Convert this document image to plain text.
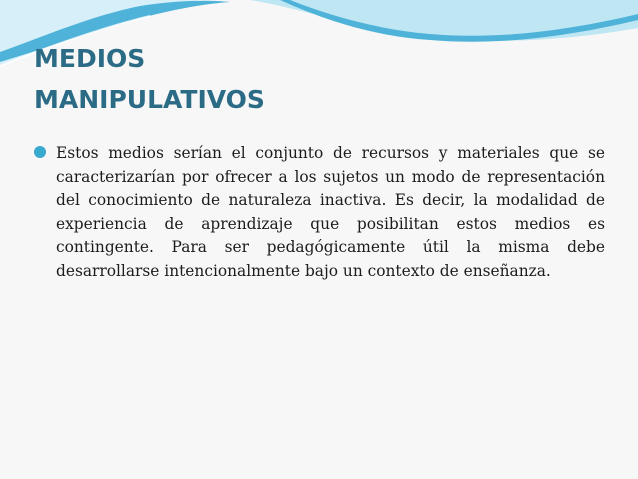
MEDIOS
MANIPULATIVOS

Estos medios serían el conjunto de recursos y materiales que se caracterizarían por ofrecer a los sujetos un modo de representación del conocimiento de naturaleza inactiva. Es decir, la modalidad de experiencia de aprendizaje que posibilitan estos medios es contingente. Para ser pedagógicamente útil la misma debe desarrollarse intencionalmente bajo un contexto de enseñanza.
